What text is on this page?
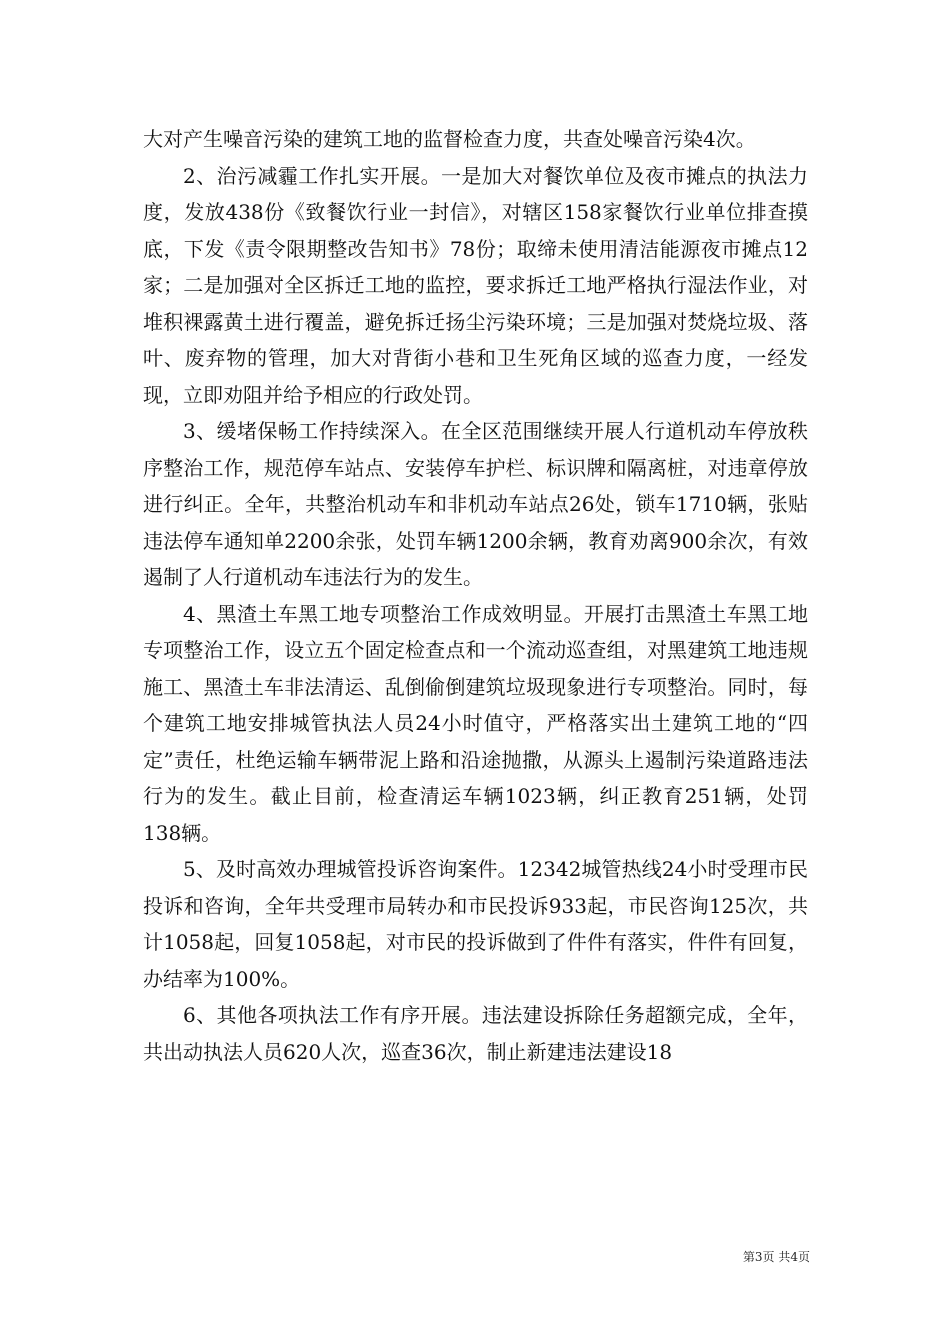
大对产生噪音污染的建筑工地的监督检查力度，共查处噪音污染4次。

2、治污减霾工作扎实开展。一是加大对餐饮单位及夜市摊点的执法力度，发放438份《致餐饮行业一封信》，对辖区158家餐饮行业单位排查摸底，下发《责令限期整改告知书》78份；取缔未使用清洁能源夜市摊点12家；二是加强对全区拆迁工地的监控，要求拆迁工地严格执行湿法作业，对堆积裸露黄土进行覆盖，避免拆迁扬尘污染环境；三是加强对焚烧垃圾、落叶、废弃物的管理，加大对背街小巷和卫生死角区域的巡查力度，一经发现，立即劝阻并给予相应的行政处罚。

3、缓堵保畅工作持续深入。在全区范围继续开展人行道机动车停放秩序整治工作，规范停车站点、安装停车护栏、标识牌和隔离桩，对违章停放进行纠正。全年，共整治机动车和非机动车站点26处，锁车1710辆，张贴违法停车通知单2200余张，处罚车辆1200余辆，教育劝离900余次，有效遏制了人行道机动车违法行为的发生。

4、黑渣土车黑工地专项整治工作成效明显。开展打击黑渣土车黑工地专项整治工作，设立五个固定检查点和一个流动巡查组，对黑建筑工地违规施工、黑渣土车非法清运、乱倒偷倒建筑垃圾现象进行专项整治。同时，每个建筑工地安排城管执法人员24小时值守，严格落实出土建筑工地的“四定”责任，杜绝运输车辆带泥上路和沿途抛撒，从源头上遏制污染道路违法行为的发生。截止目前，检查清运车辆1023辆，纠正教育251辆，处罚138辆。

5、及时高效办理城管投诉咨询案件。12342城管热线24小时受理市民投诉和咨询，全年共受理市局转办和市民投诉933起，市民咨询125次，共计1058起，回复1058起，对市民的投诉做到了件件有落实，件件有回复，办结率为100%。

6、其他各项执法工作有序开展。违法建设拆除任务超额完成，全年，共出动执法人员620人次，巡查36次，制止新建违法建设18

第3页 共4页
